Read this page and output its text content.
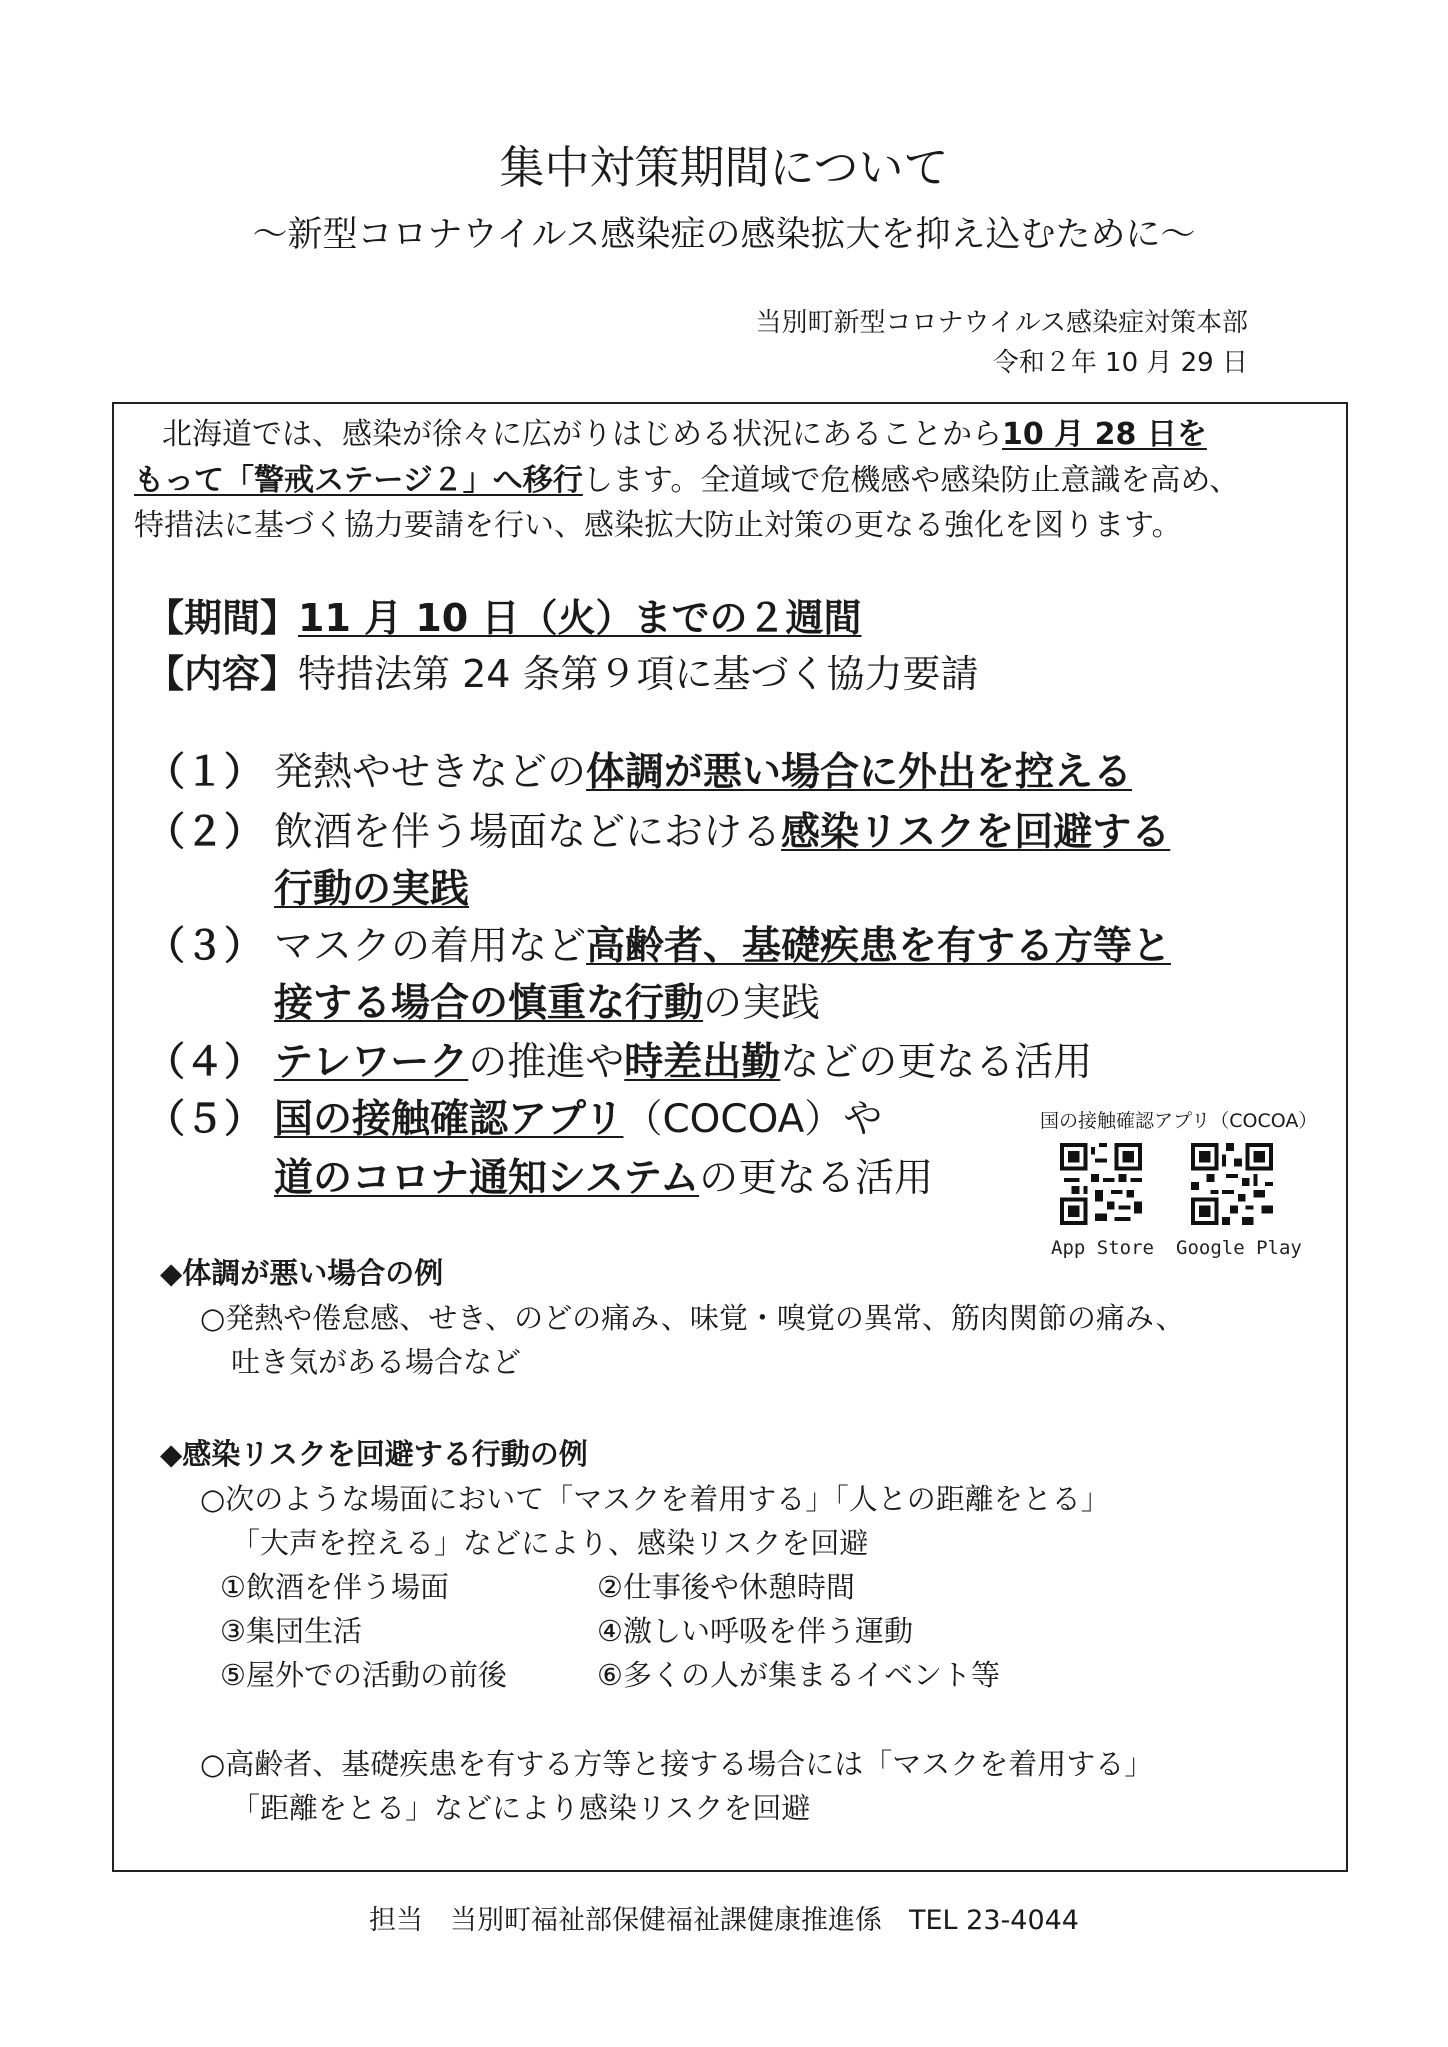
集中対策期間について
～新型コロナウイルス感染症の感染拡大を抑え込むために～
当別町新型コロナウイルス感染症対策本部
令和２年 10 月 29 日
北海道では、感染が徐々に広がりはじめる状況にあることから10 月 28 日を
もって「警戒ステージ２」へ移行します。全道域で危機感や感染防止意識を高め、
特措法に基づく協力要請を行い、感染拡大防止対策の更なる強化を図ります。
【期間】11 月 10 日（火）までの２週間
【内容】特措法第 24 条第９項に基づく協力要請
（１） 発熱やせきなどの体調が悪い場合に外出を控える
（２） 飲酒を伴う場面などにおける感染リスクを回避する
行動の実践
（３） マスクの着用など高齢者、基礎疾患を有する方等と
接する場合の慎重な行動の実践
（４） テレワークの推進や時差出勤などの更なる活用
（５） 国の接触確認アプリ（COCOA）や
道のコロナ通知システムの更なる活用
国の接触確認アプリ（COCOA）
App Store Google Play
◆体調が悪い場合の例
○発熱や倦怠感、せき、のどの痛み、味覚・嗅覚の異常、筋肉関節の痛み、
吐き気がある場合など
◆感染リスクを回避する行動の例
○次のような場面において「マスクを着用する」「人との距離をとる」
「大声を控える」などにより、感染リスクを回避
①飲酒を伴う場面	②仕事後や休憩時間
③集団生活	④激しい呼吸を伴う運動
⑤屋外での活動の前後	⑥多くの人が集まるイベント等
○高齢者、基礎疾患を有する方等と接する場合には「マスクを着用する」
「距離をとる」などにより感染リスクを回避
担当　当別町福祉部保健福祉課健康推進係　TEL 23-4044
